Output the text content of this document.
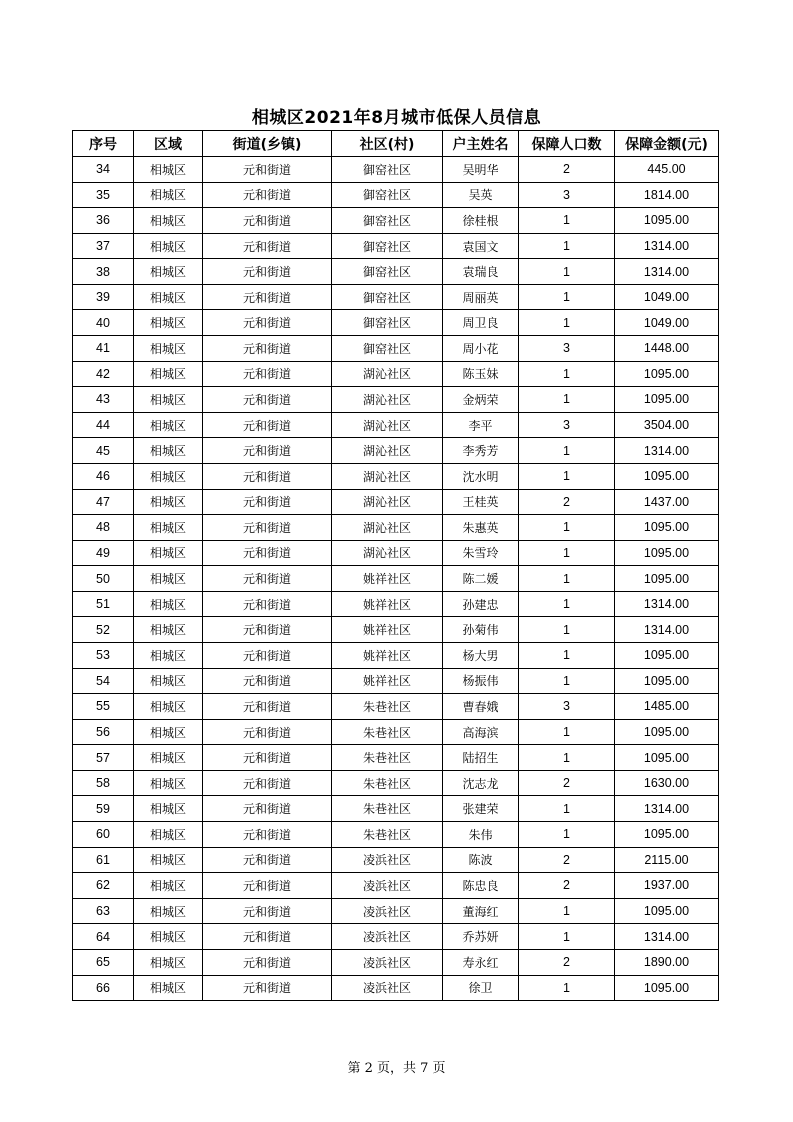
相城区2021年8月城市低保人员信息
序号	区域	街道(乡镇)	社区(村)	户主姓名	保障人口数	保障金额(元)
34	相城区	元和街道	御窑社区	吴明华	2	445.00
35	相城区	元和街道	御窑社区	吴英	3	1814.00
36	相城区	元和街道	御窑社区	徐桂根	1	1095.00
37	相城区	元和街道	御窑社区	袁国文	1	1314.00
38	相城区	元和街道	御窑社区	袁瑞良	1	1314.00
39	相城区	元和街道	御窑社区	周丽英	1	1049.00
40	相城区	元和街道	御窑社区	周卫良	1	1049.00
41	相城区	元和街道	御窑社区	周小花	3	1448.00
42	相城区	元和街道	湖沁社区	陈玉妹	1	1095.00
43	相城区	元和街道	湖沁社区	金炳荣	1	1095.00
44	相城区	元和街道	湖沁社区	李平	3	3504.00
45	相城区	元和街道	湖沁社区	李秀芳	1	1314.00
46	相城区	元和街道	湖沁社区	沈水明	1	1095.00
47	相城区	元和街道	湖沁社区	王桂英	2	1437.00
48	相城区	元和街道	湖沁社区	朱惠英	1	1095.00
49	相城区	元和街道	湖沁社区	朱雪玲	1	1095.00
50	相城区	元和街道	姚祥社区	陈二媛	1	1095.00
51	相城区	元和街道	姚祥社区	孙建忠	1	1314.00
52	相城区	元和街道	姚祥社区	孙菊伟	1	1314.00
53	相城区	元和街道	姚祥社区	杨大男	1	1095.00
54	相城区	元和街道	姚祥社区	杨振伟	1	1095.00
55	相城区	元和街道	朱巷社区	曹春娥	3	1485.00
56	相城区	元和街道	朱巷社区	高海滨	1	1095.00
57	相城区	元和街道	朱巷社区	陆招生	1	1095.00
58	相城区	元和街道	朱巷社区	沈志龙	2	1630.00
59	相城区	元和街道	朱巷社区	张建荣	1	1314.00
60	相城区	元和街道	朱巷社区	朱伟	1	1095.00
61	相城区	元和街道	凌浜社区	陈波	2	2115.00
62	相城区	元和街道	凌浜社区	陈忠良	2	1937.00
63	相城区	元和街道	凌浜社区	董海红	1	1095.00
64	相城区	元和街道	凌浜社区	乔苏妍	1	1314.00
65	相城区	元和街道	凌浜社区	寿永红	2	1890.00
66	相城区	元和街道	凌浜社区	徐卫	1	1095.00
第 2 页，共 7 页
